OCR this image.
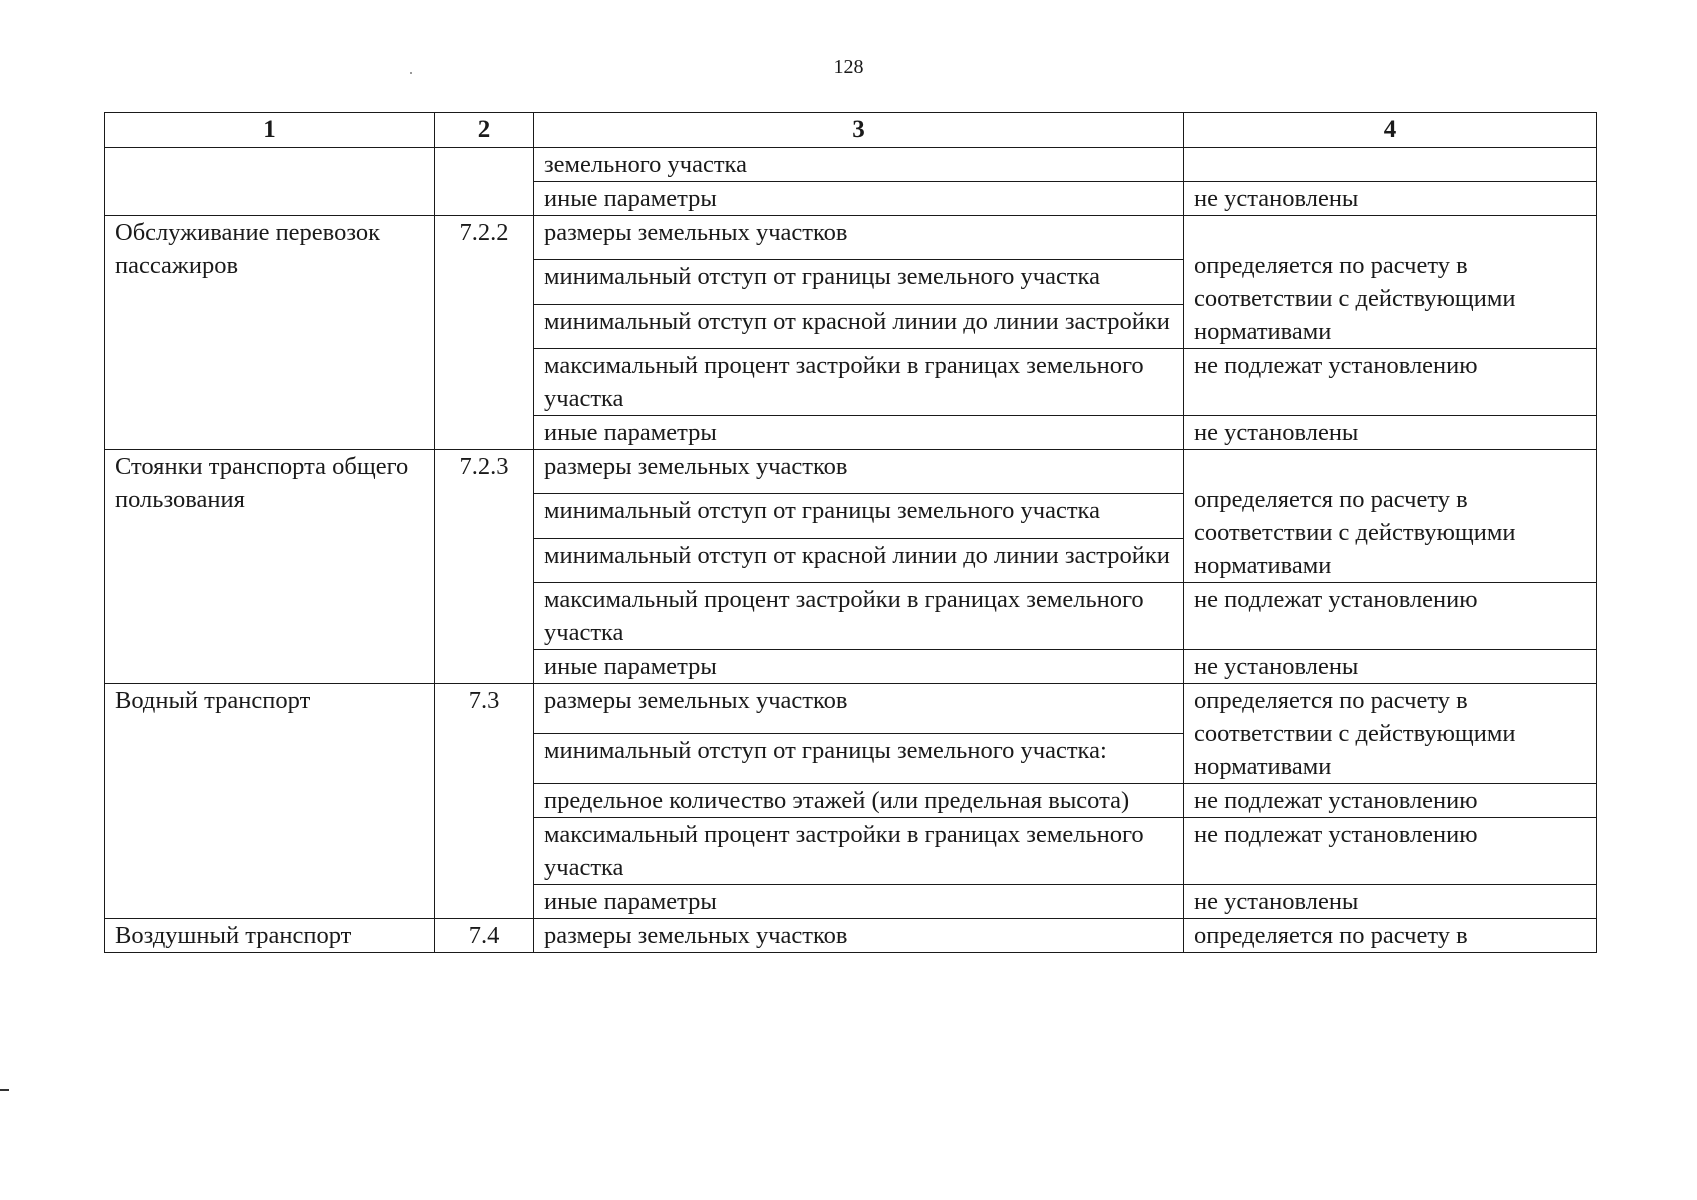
128
1	2	3	4
		земельного участка	
		иные параметры	не установлены
Обслуживание перевозок пассажиров	7.2.2	размеры земельных участков	определяется по расчету в соответствии с действующими нормативами
		минимальный отступ от границы земельного участка	
		минимальный отступ от красной линии до линии застройки	
		максимальный процент застройки в границах земельного участка	не подлежат установлению
		иные параметры	не установлены
Стоянки транспорта общего пользования	7.2.3	размеры земельных участков	определяется по расчету в соответствии с действующими нормативами
		минимальный отступ от границы земельного участка	
		минимальный отступ от красной линии до линии застройки	
		максимальный процент застройки в границах земельного участка	не подлежат установлению
		иные параметры	не установлены
Водный транспорт	7.3	размеры земельных участков	определяется по расчету в соответствии с действующими нормативами
		минимальный отступ от границы земельного участка:	
		предельное количество этажей (или предельная высота)	не подлежат установлению
		максимальный процент застройки в границах земельного участка	не подлежат установлению
		иные параметры	не установлены
Воздушный транспорт	7.4	размеры земельных участков	определяется по расчету в
